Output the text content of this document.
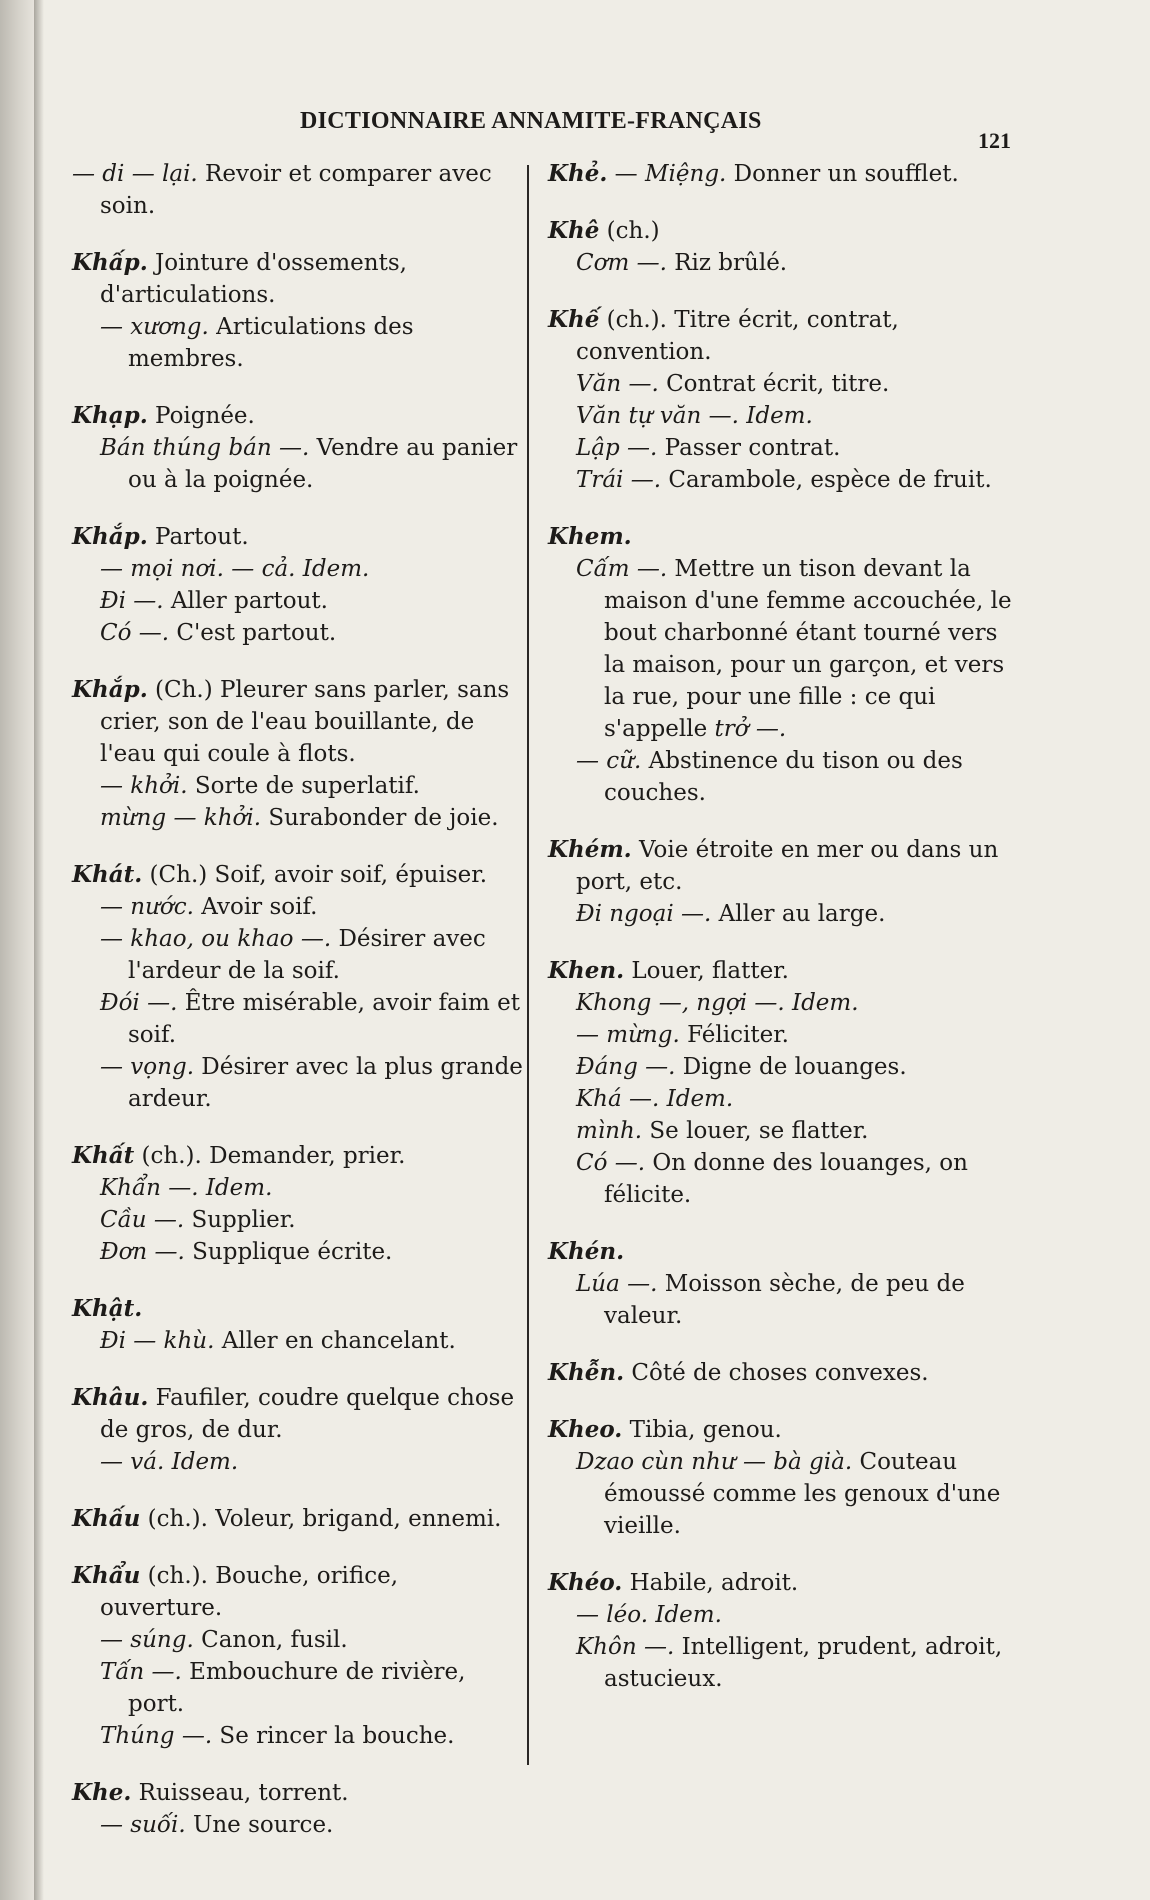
DICTIONNAIRE ANNAMITE-FRANÇAIS
121
— di — lại. Revoir et comparer avec soin.
Khấp. Jointure d'ossements, d'articulations.
— xương. Articulations des membres.
Khạp. Poignée.
Bán thúng bán —. Vendre au panier ou à la poignée.
Khắp. Partout.
— mọi nơi. — cả. Idem.
Đi —. Aller partout.
Có —. C'est partout.
Khắp. (Ch.) Pleurer sans parler, sans crier, son de l'eau bouillante, de l'eau qui coule à flots.
— khởi. Sorte de superlatif.
mừng — khởi. Surabonder de joie.
Khát. (Ch.) Soif, avoir soif, épuiser.
— nước. Avoir soif.
— khao, ou khao —. Désirer avec l'ardeur de la soif.
Đói —. Être misérable, avoir faim et soif.
— vọng. Désirer avec la plus grande ardeur.
Khất (ch.). Demander, prier.
Khẩn —. Idem.
Cầu —. Supplier.
Đơn —. Supplique écrite.
Khật.
Đi — khù. Aller en chancelant.
Khâu. Faufiler, coudre quelque chose de gros, de dur.
— vá. Idem.
Khấu (ch.). Voleur, brigand, ennemi.
Khẩu (ch.). Bouche, orifice, ouverture.
— súng. Canon, fusil.
Tấn —. Embouchure de rivière, port.
Thúng —. Se rincer la bouche.
Khe. Ruisseau, torrent.
— suối. Une source.
Khẻ. — Miệng. Donner un soufflet.
Khê (ch.)
Cơm —. Riz brûlé.
Khế (ch.). Titre écrit, contrat, convention.
Văn —. Contrat écrit, titre.
Văn tự văn —. Idem.
Lập —. Passer contrat.
Trái —. Carambole, espèce de fruit.
Khem.
Cấm —. Mettre un tison devant la maison d'une femme accouchée, le bout charbonné étant tourné vers la maison, pour un garçon, et vers la rue, pour une fille : ce qui s'appelle trở —.
— cữ. Abstinence du tison ou des couches.
Khém. Voie étroite en mer ou dans un port, etc.
Đi ngoại —. Aller au large.
Khen. Louer, flatter.
Khong —, ngợi —. Idem.
— mừng. Féliciter.
Đáng —. Digne de louanges.
Khá —. Idem.
mình. Se louer, se flatter.
Có —. On donne des louanges, on félicite.
Khén.
Lúa —. Moisson sèche, de peu de valeur.
Khễn. Côté de choses convexes.
Kheo. Tibia, genou.
Dzao cùn như — bà già. Couteau émoussé comme les genoux d'une vieille.
Khéo. Habile, adroit.
— léo. Idem.
Khôn —. Intelligent, prudent, adroit, astucieux.
